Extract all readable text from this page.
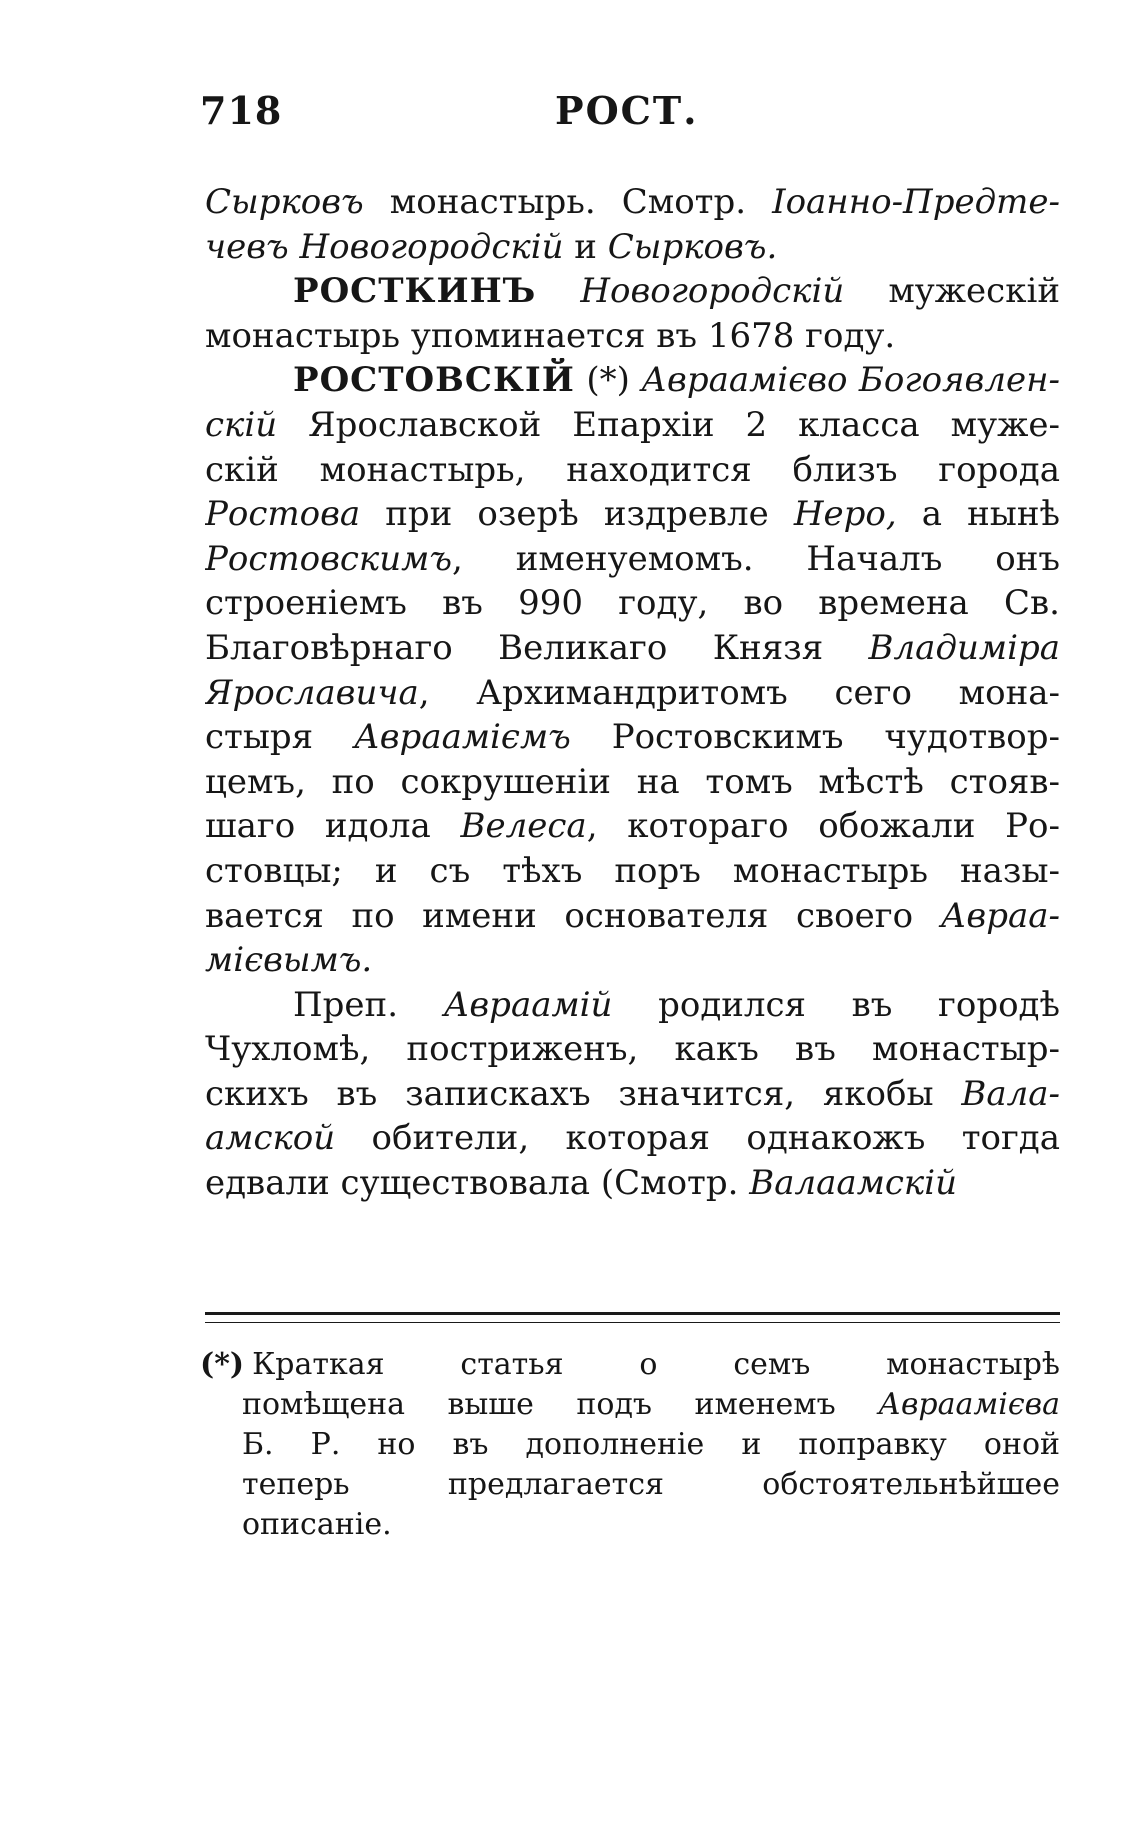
718	РОСТ.
Сырковъ монастырь. Смотр. Іоанно-Предте-
чевъ Новогородскій и Сырковъ.
РОСТКИНЪ Новогородскій мужескій
монастырь упоминается въ 1678 году.
РОСТОВСКІЙ (*) Авраамієво Богоявлен-
скій Ярославской Епархіи 2 класса муже-
скій монастырь, находится близъ города
Ростова при озерѣ издревле Неро, а нынѣ
Ростовскимъ, именуемомъ. Началъ онъ
строеніемъ въ 990 году, во времена Св.
Благовѣрнаго Великаго Князя Владиміра
Ярославича, Архимандритомъ сего мона-
стыря Аврааміємъ Ростовскимъ чудотвор-
цемъ, по сокрушеніи на томъ мѣстѣ стояв-
шаго идола Велеса, котораго обожали Ро-
стовцы; и съ тѣхъ поръ монастырь назы-
вается по имени основателя своего Авраа-
мієвымъ.
Преп. Авраамій родился въ городѣ
Чухломѣ, постриженъ, какъ въ монастыр-
скихъ въ запискахъ значится, якобы Вала-
амской обители, которая однакожъ тогда
едвали существовала (Смотр. Валаамскій
(*) Краткая статья о семъ монастырѣ
помѣщена выше подъ именемъ Авраамієва
Б. Р. но въ дополненіе и поправку оной
теперь предлагается обстоятельнѣйшее
описаніе.
